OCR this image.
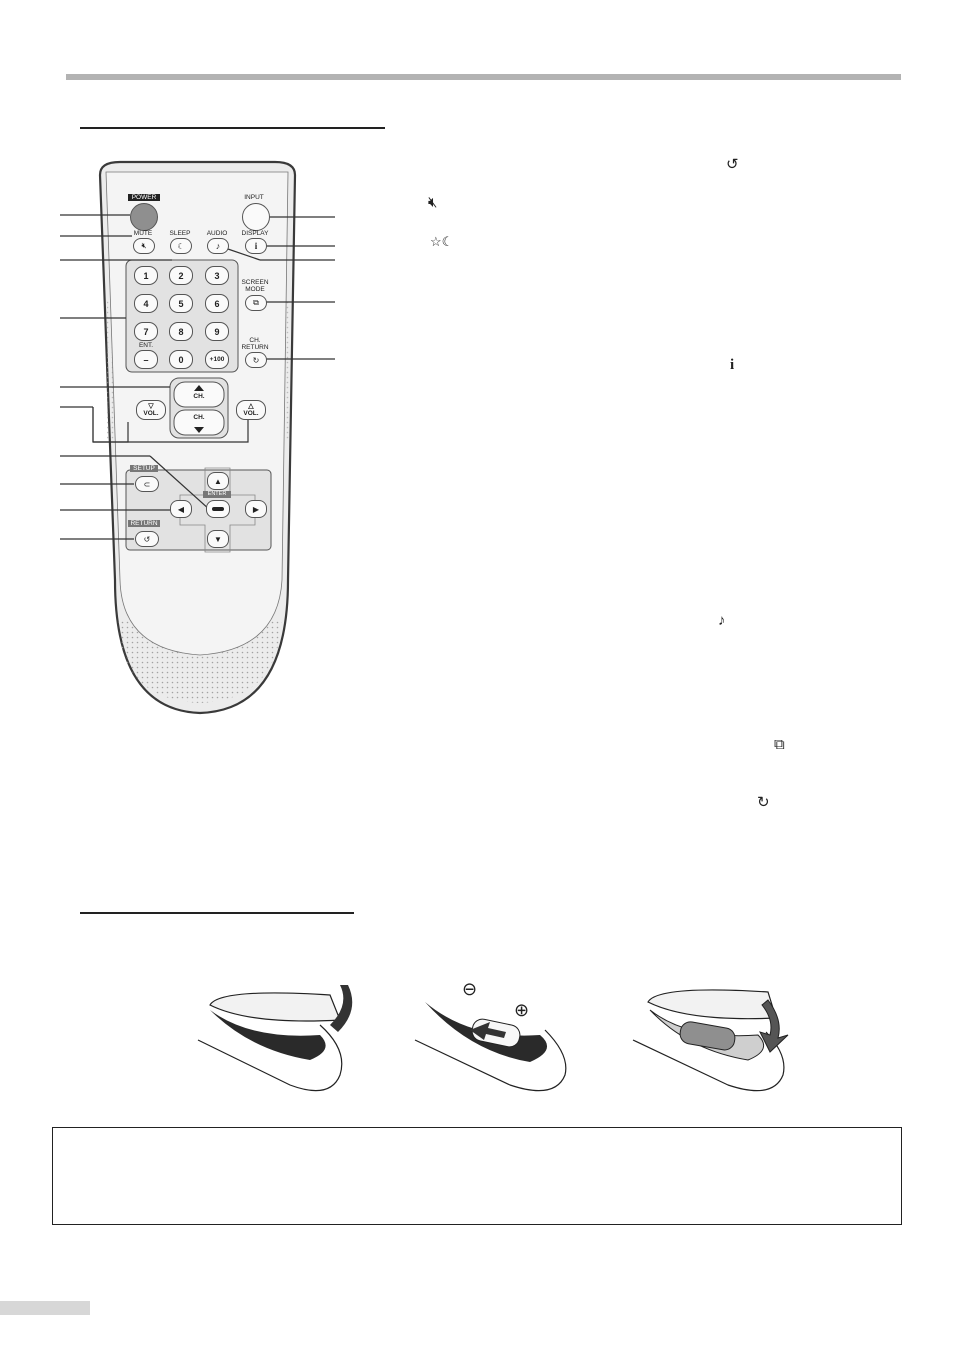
POWER	INPUT
MUTE
🔇︎
SLEEP
☾
AUDIO
♪
DISPLAY
i
1	2	3
4	5	6
7	8	9
ENT.
–	0	+100
SCREEN
MODE
⧉
CH.
RETURN
↻
CH.
CH.
▽
VOL.
△
VOL.
SETUP
⊂	▲
ENTER
◀	▶
▼
RETURN
↺
↺
🔇︎
☆☾
i
♪
⧉
↻
⊖
⊕
